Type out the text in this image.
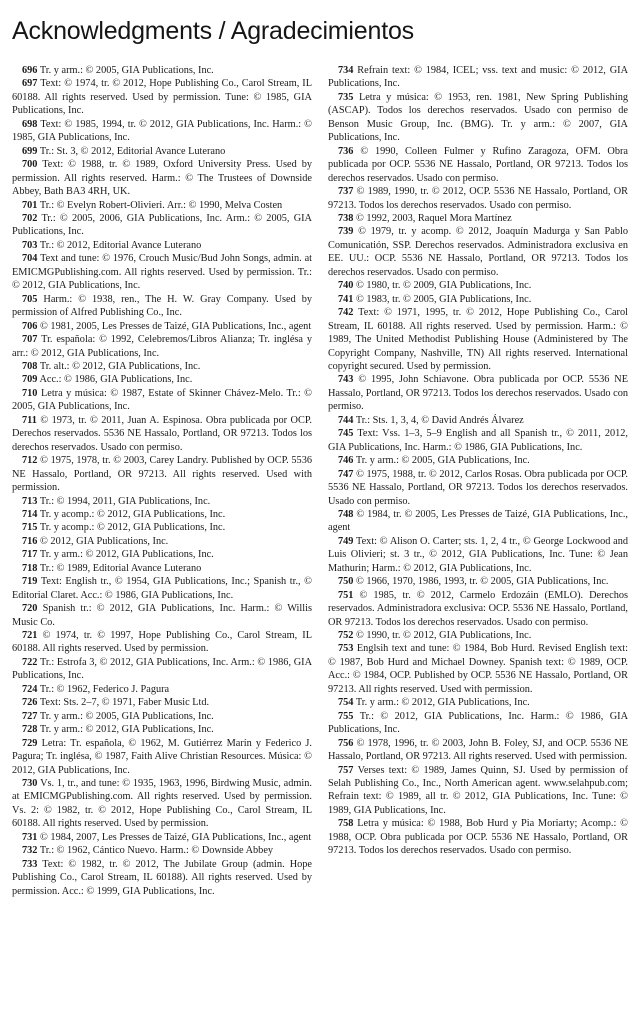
Acknowledgments / Agradecimientos

696 Tr. y arm.: © 2005, GIA Publications, Inc.

697 Text: © 1974, tr. © 2012, Hope Publishing Co., Carol Stream, IL 60188. All rights reserved. Used by permission. Tune: © 1985, GIA Publications, Inc.

698 Text: © 1985, 1994, tr. © 2012, GIA Publications, Inc. Harm.: © 1985, GIA Publications, Inc.

699 Tr.: St. 3, © 2012, Editorial Avance Luterano

700 Text: © 1988, tr. © 1989, Oxford University Press. Used by permission. All rights reserved. Harm.: © The Trustees of Downside Abbey, Bath BA3 4RH, UK.

701 Tr.: © Evelyn Robert-Olivieri. Arr.: © 1990, Melva Costen

702 Tr.: © 2005, 2006, GIA Publications, Inc. Arm.: © 2005, GIA Publications, Inc.

703 Tr.: © 2012, Editorial Avance Luterano

704 Text and tune: © 1976, Crouch Music/Bud John Songs, admin. at EMICMGPublishing.com. All rights reserved. Used by permission. Tr.: © 2012, GIA Publications, Inc.

705 Harm.: © 1938, ren., The H. W. Gray Company. Used by permission of Alfred Publishing Co., Inc.

706 © 1981, 2005, Les Presses de Taizé, GIA Publications, Inc., agent

707 Tr. española: © 1992, Celebremos/Libros Alianza; Tr. inglésa y arr.: © 2012, GIA Publications, Inc.

708 Tr. alt.: © 2012, GIA Publications, Inc.

709 Acc.: © 1986, GIA Publications, Inc.

710 Letra y música: © 1987, Estate of Skinner Chávez-Melo. Tr.: © 2005, GIA Publications, Inc.

711 © 1973, tr. © 2011, Juan A. Espinosa. Obra publicada por OCP. Derechos reservados. 5536 NE Hassalo, Portland, OR 97213. Todos los derechos reservados. Usado con permiso.

712 © 1975, 1978, tr. © 2003, Carey Landry. Published by OCP. 5536 NE Hassalo, Portland, OR 97213. All rights reserved. Used with permission.

713 Tr.: © 1994, 2011, GIA Publications, Inc.

714 Tr. y acomp.: © 2012, GIA Publications, Inc.

715 Tr. y acomp.: © 2012, GIA Publications, Inc.

716 © 2012, GIA Publications, Inc.

717 Tr. y arm.: © 2012, GIA Publications, Inc.

718 Tr.: © 1989, Editorial Avance Luterano

719 Text: English tr., © 1954, GIA Publications, Inc.; Spanish tr., © Editorial Claret. Acc.: © 1986, GIA Publications, Inc.

720 Spanish tr.: © 2012, GIA Publications, Inc. Harm.: © Willis Music Co.

721 © 1974, tr. © 1997, Hope Publishing Co., Carol Stream, IL 60188. All rights reserved. Used by permission.

722 Tr.: Estrofa 3, © 2012, GIA Publications, Inc. Arm.: © 1986, GIA Publications, Inc.

724 Tr.: © 1962, Federico J. Pagura

726 Text: Sts. 2–7, © 1971, Faber Music Ltd.

727 Tr. y arm.: © 2005, GIA Publications, Inc.

728 Tr. y arm.: © 2012, GIA Publications, Inc.

729 Letra: Tr. española, © 1962, M. Gutiérrez Marín y Federico J. Pagura; Tr. inglésa, © 1987, Faith Alive Christian Resources. Música: © 2012, GIA Publications, Inc.

730 Vs. 1, tr., and tune: © 1935, 1963, 1996, Birdwing Music, admin. at EMICMGPublishing.com. All rights reserved. Used by permission. Vs. 2: © 1982, tr. © 2012, Hope Publishing Co., Carol Stream, IL 60188. All rights reserved. Used by permission.

731 © 1984, 2007, Les Presses de Taizé, GIA Publications, Inc., agent

732 Tr.: © 1962, Cántico Nuevo. Harm.: © Downside Abbey

733 Text: © 1982, tr. © 2012, The Jubilate Group (admin. Hope Publishing Co., Carol Stream, IL 60188). All rights reserved. Used by permission. Acc.: © 1999, GIA Publications, Inc.

734 Refrain text: © 1984, ICEL; vss. text and music: © 2012, GIA Publications, Inc.

735 Letra y música: © 1953, ren. 1981, New Spring Publishing (ASCAP). Todos los derechos reservados. Usado con permiso de Benson Music Group, Inc. (BMG). Tr. y arm.: © 2007, GIA Publications, Inc.

736 © 1990, Colleen Fulmer y Rufino Zaragoza, OFM. Obra publicada por OCP. 5536 NE Hassalo, Portland, OR 97213. Todos los derechos reservados. Usado con permiso.

737 © 1989, 1990, tr. © 2012, OCP. 5536 NE Hassalo, Portland, OR 97213. Todos los derechos reservados. Usado con permiso.

738 © 1992, 2003, Raquel Mora Martínez

739 © 1979, tr. y acomp. © 2012, Joaquín Madurga y San Pablo Comunicatión, SSP. Derechos reservados. Administradora exclusiva en EE. UU.: OCP. 5536 NE Hassalo, Portland, OR 97213. Todos los derechos reservados. Usado con permiso.

740 © 1980, tr. © 2009, GIA Publications, Inc.

741 © 1983, tr. © 2005, GIA Publications, Inc.

742 Text: © 1971, 1995, tr. © 2012, Hope Publishing Co., Carol Stream, IL 60188. All rights reserved. Used by permission. Harm.: © 1989, The United Methodist Publishing House (Administered by The Copyright Company, Nashville, TN) All rights reserved. International copyright secured. Used by permission.

743 © 1995, John Schiavone. Obra publicada por OCP. 5536 NE Hassalo, Portland, OR 97213. Todos los derechos reservados. Usado con permiso.

744 Tr.: Sts. 1, 3, 4, © David Andrés Álvarez

745 Text: Vss. 1–3, 5–9 English and all Spanish tr., © 2011, 2012, GIA Publications, Inc. Harm.: © 1986, GIA Publications, Inc.

746 Tr. y arm.: © 2005, GIA Publications, Inc.

747 © 1975, 1988, tr. © 2012, Carlos Rosas. Obra publicada por OCP. 5536 NE Hassalo, Portland, OR 97213. Todos los derechos reservados. Usado con permiso.

748 © 1984, tr. © 2005, Les Presses de Taizé, GIA Publications, Inc., agent

749 Text: © Alison O. Carter; sts. 1, 2, 4 tr., © George Lockwood and Luis Olivieri; st. 3 tr., © 2012, GIA Publications, Inc. Tune: © Jean Mathurin; Harm.: © 2012, GIA Publications, Inc.

750 © 1966, 1970, 1986, 1993, tr. © 2005, GIA Publications, Inc.

751 © 1985, tr. © 2012, Carmelo Erdozáin (EMLO). Derechos reservados. Administradora exclusiva: OCP. 5536 NE Hassalo, Portland, OR 97213. Todos los derechos reservados. Usado con permiso.

752 © 1990, tr. © 2012, GIA Publications, Inc.

753 Englsih text and tune: © 1984, Bob Hurd. Revised English text: © 1987, Bob Hurd and Michael Downey. Spanish text: © 1989, OCP. Acc.: © 1984, OCP. Published by OCP. 5536 NE Hassalo, Portland, OR 97213. All rights reserved. Used with permission.

754 Tr. y arm.: © 2012, GIA Publications, Inc.

755 Tr.: © 2012, GIA Publications, Inc. Harm.: © 1986, GIA Publications, Inc.

756 © 1978, 1996, tr. © 2003, John B. Foley, SJ, and OCP. 5536 NE Hassalo, Portland, OR 97213. All rights reserved. Used with permission.

757 Verses text: © 1989, James Quinn, SJ. Used by permission of Selah Publishing Co., Inc., North American agent. www.selahpub.com; Refrain text: © 1989, all tr. © 2012, GIA Publications, Inc. Tune: © 1989, GIA Publications, Inc.

758 Letra y música: © 1988, Bob Hurd y Pia Moriarty; Acomp.: © 1988, OCP. Obra publicada por OCP. 5536 NE Hassalo, Portland, OR 97213. Todos los derechos reservados. Usado con permiso.
